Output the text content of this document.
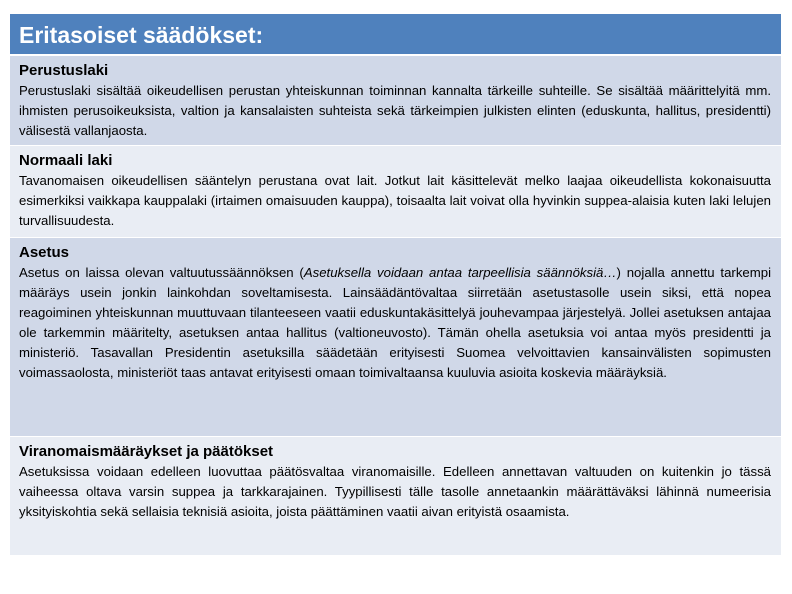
Eritasoiset säädökset:
Perustuslaki

Perustuslaki sisältää oikeudellisen perustan yhteiskunnan toiminnan kannalta tärkeille suhteille. Se sisältää määrittelyitä mm. ihmisten perusoikeuksista, valtion ja kansalaisten suhteista sekä tärkeimpien julkisten elinten (eduskunta, hallitus, presidentti) välisestä vallanjaosta.

Normaali laki

Tavanomaisen oikeudellisen sääntelyn perustana ovat lait. Jotkut lait käsittelevät melko laajaa oikeudellista kokonaisuutta esimerkiksi vaikkapa kauppalaki (irtaimen omaisuuden kauppa), toisaalta lait voivat olla hyvinkin suppea-alaisia kuten laki lelujen turvallisuudesta.

Asetus

Asetus on laissa olevan valtuutussäännöksen (Asetuksella voidaan antaa tarpeellisia säännöksiä…) nojalla annettu tarkempi määräys usein jonkin lainkohdan soveltamisesta. Lainsäädäntövaltaa siirretään asetustasolle usein siksi, että nopea reagoiminen yhteiskunnan muuttuvaan tilanteeseen vaatii eduskuntakäsittelyä jouhevampaa järjestelyä. Jollei asetuksen antajaa ole tarkemmin määritelty, asetuksen antaa hallitus (valtioneuvosto). Tämän ohella asetuksia voi antaa myös presidentti ja ministeriö. Tasavallan Presidentin asetuksilla säädetään erityisesti Suomea velvoittavien kansainvälisten sopimusten voimassaolosta, ministeriöt taas antavat erityisesti omaan toimivaltaansa kuuluvia asioita koskevia määräyksiä.

Viranomaismääräykset ja päätökset

Asetuksissa voidaan edelleen luovuttaa päätösvaltaa viranomaisille. Edelleen annettavan valtuuden on kuitenkin jo tässä vaiheessa oltava varsin suppea ja tarkkarajainen. Tyypillisesti tälle tasolle annetaankin määrättäväksi lähinnä numeerisia yksityiskohtia sekä sellaisia teknisiä asioita, joista päättäminen vaatii aivan erityistä osaamista.
